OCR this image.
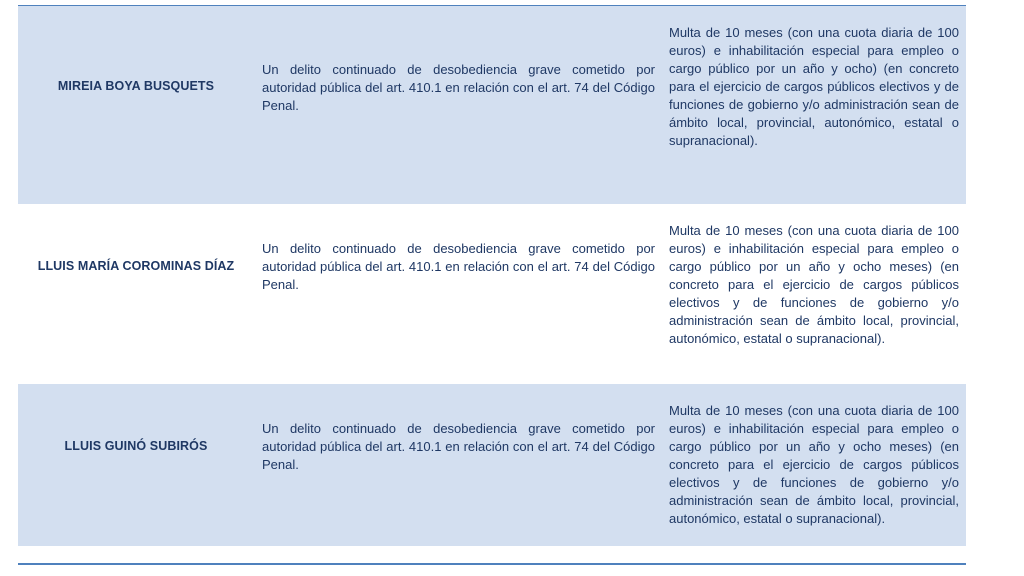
MIREIA BOYA BUSQUETS
Un delito continuado de desobediencia grave cometido por autoridad pública del art. 410.1 en relación con el art. 74 del Código Penal.
Multa de 10 meses (con una cuota diaria de 100 euros) e inhabilitación especial para empleo o cargo público por un año y ocho) (en concreto para el ejercicio de cargos públicos electivos y de funciones de gobierno y/o administración sean de ámbito local, provincial, autonómico, estatal o supranacional).
LLUIS MARÍA COROMINAS DÍAZ
Un delito continuado de desobediencia grave cometido por autoridad pública del art. 410.1 en relación con el art. 74 del Código Penal.
Multa de 10 meses (con una cuota diaria de 100 euros) e inhabilitación especial para empleo o cargo público por un año y ocho meses) (en concreto para el ejercicio de cargos públicos electivos y de funciones de gobierno y/o administración sean de ámbito local, provincial, autonómico, estatal o supranacional).
LLUIS GUINÓ SUBIRÓS
Un delito continuado de desobediencia grave cometido por autoridad pública del art. 410.1 en relación con el art. 74 del Código Penal.
Multa de 10 meses (con una cuota diaria de 100 euros) e inhabilitación especial para empleo o cargo público por un año y ocho meses) (en concreto para el ejercicio de cargos públicos electivos y de funciones de gobierno y/o administración sean de ámbito local, provincial, autonómico, estatal o supranacional).
